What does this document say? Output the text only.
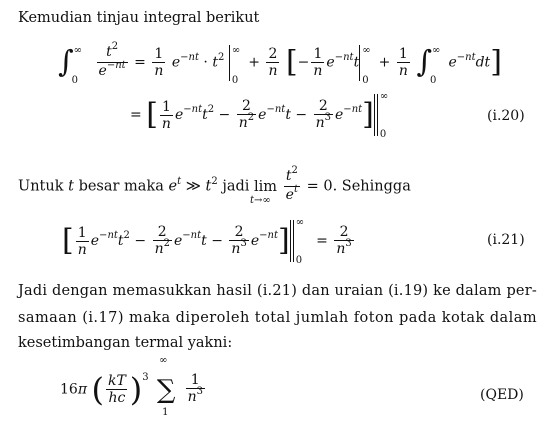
Kemudian tinjau integral berikut
∫ ∞
0
$\frac{t^2}{e^{-nt}} = \frac{1}{n} e^{-nt} \cdot t^2$
∞
0
+ $\frac{2}{n}$ [− $\frac{1}{n} e^{-nt}t$
∞
0
+ $\frac{1}{n}$ ∫ ∞
0
$e^{-nt}dt$]
= [ $\frac{1}{n} e^{-nt}t^2 - \frac{2}{n^2} e^{-nt}t - \frac{2}{n^3} e^{-nt}$]
∞
0
(i.20)
Untuk t besar maka $e^t$ ≫ $t^2$ jadi lim
t→∞
$\frac{t^2}{e^t} = 0$. Sehingga
[ $\frac{1}{n} e^{-nt}t^2 - \frac{2}{n^2} e^{-nt}t - \frac{2}{n^3} e^{-nt}$]
∞
0
= $\frac{2}{n^3}$	(i.21)
Jadi dengan memasukkan hasil (i.21) dan uraian (i.19) ke dalam per-
samaan (i.17) maka diperoleh total jumlah foton pada kotak dalam
kesetimbangan termal yakni:
16π ( $\frac{kT}{hc} )^3$
∞
∑
1

$\frac{1}{n^3}$	(QED)
